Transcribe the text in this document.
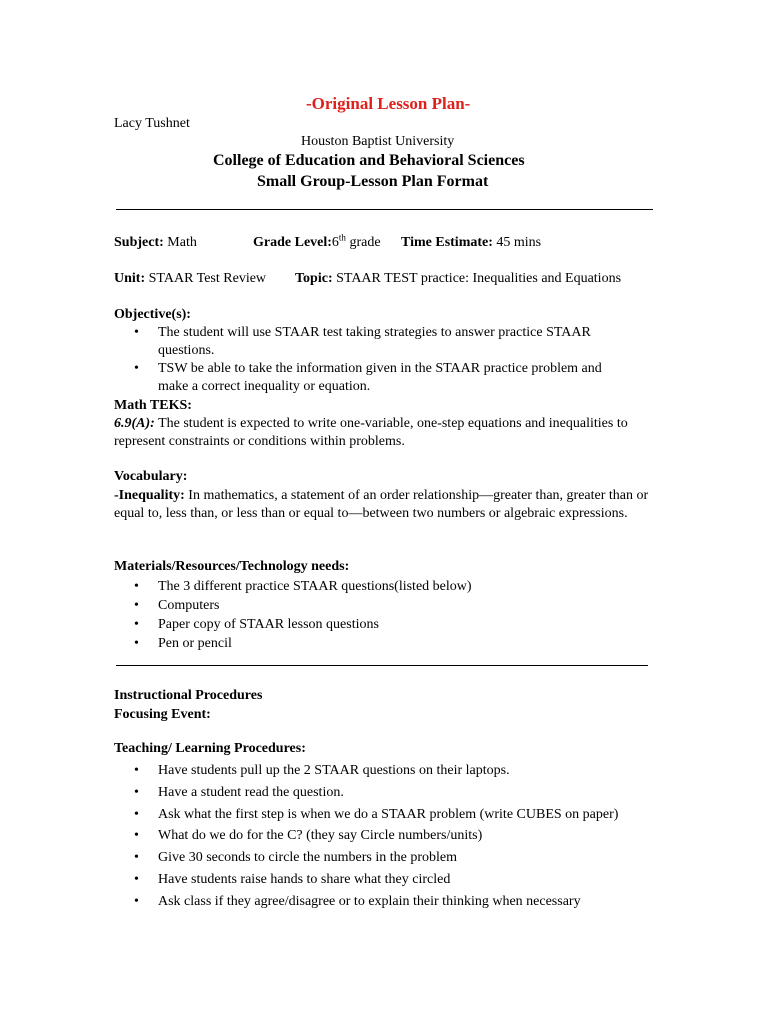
-Original Lesson Plan-
Lacy Tushnet
Houston Baptist University
College of Education and Behavioral Sciences
Small Group-Lesson Plan Format
Subject: Math	Grade Level:6th grade Time Estimate: 45 mins
Unit: STAAR Test Review Topic: STAAR TEST practice: Inequalities and Equations
Objective(s):
• The student will use STAAR test taking strategies to answer practice STAAR questions.
• TSW be able to take the information given in the STAAR practice problem and make a correct inequality or equation.
Math TEKS:
6.9(A): The student is expected to write one-variable, one-step equations and inequalities to represent constraints or conditions within problems.
Vocabulary:
-Inequality: In mathematics, a statement of an order relationship—greater than, greater than or equal to, less than, or less than or equal to—between two numbers or algebraic expressions.
Materials/Resources/Technology needs:
• The 3 different practice STAAR questions(listed below)
• Computers
• Paper copy of STAAR lesson questions
• Pen or pencil
Instructional Procedures
Focusing Event:
Teaching/ Learning Procedures:
• Have students pull up the 2 STAAR questions on their laptops.
• Have a student read the question.
• Ask what the first step is when we do a STAAR problem (write CUBES on paper)
• What do we do for the C? (they say Circle numbers/units)
• Give 30 seconds to circle the numbers in the problem
• Have students raise hands to share what they circled
• Ask class if they agree/disagree or to explain their thinking when necessary
